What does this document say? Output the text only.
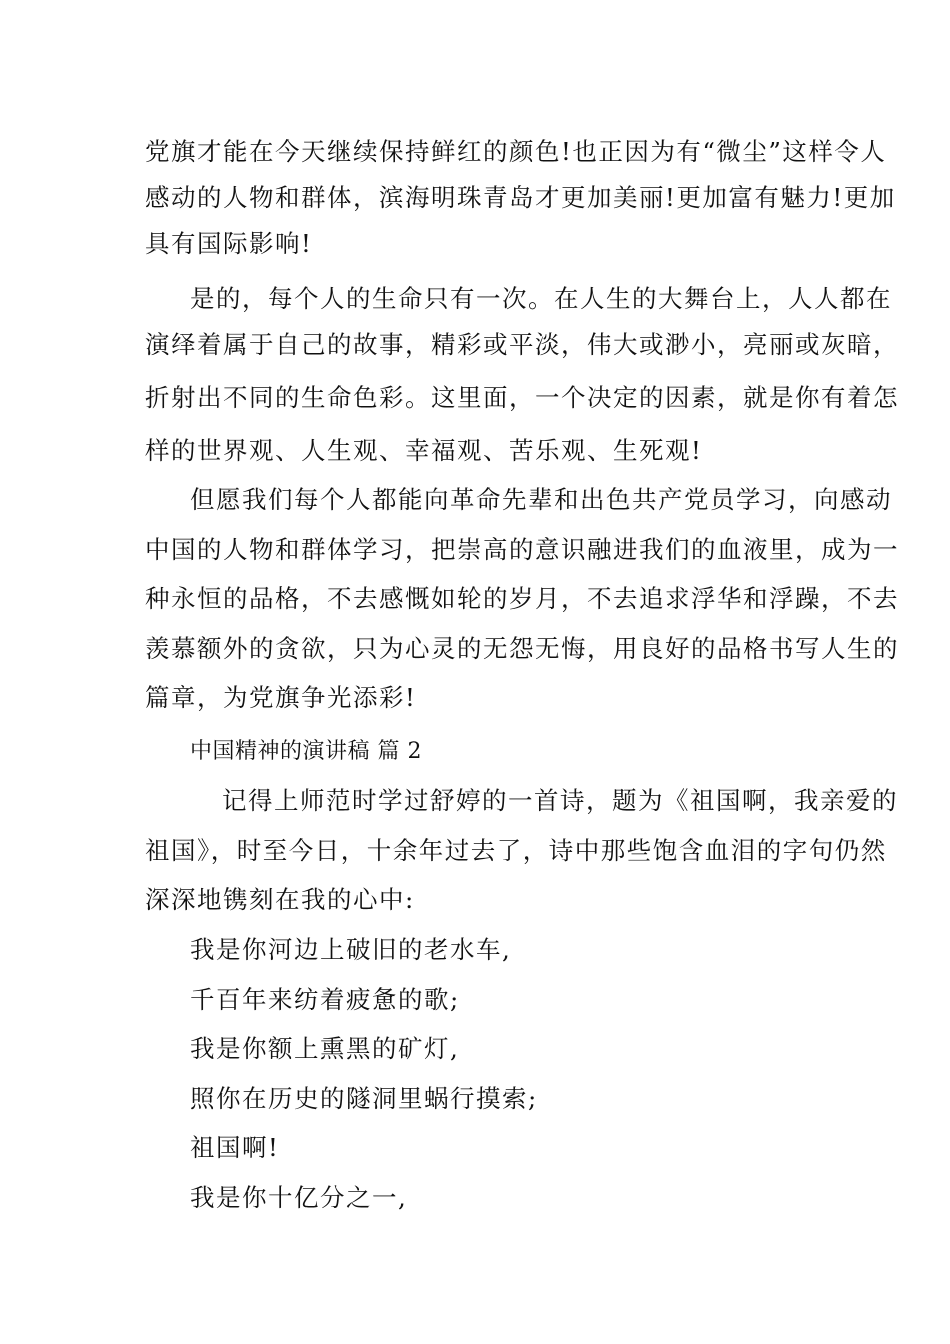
党旗才能在今天继续保持鲜红的颜色!也正因为有“微尘”这样令人
感动的人物和群体，滨海明珠青岛才更加美丽!更加富有魅力!更加
具有国际影响!
是的，每个人的生命只有一次。在人生的大舞台上，人人都在
演绎着属于自己的故事，精彩或平淡，伟大或渺小，亮丽或灰暗，
折射出不同的生命色彩。这里面，一个决定的因素，就是你有着怎
样的世界观、人生观、幸福观、苦乐观、生死观!
但愿我们每个人都能向革命先辈和出色共产党员学习，向感动
中国的人物和群体学习，把崇高的意识融进我们的血液里，成为一
种永恒的品格，不去感慨如轮的岁月，不去追求浮华和浮躁，不去
羡慕额外的贪欲，只为心灵的无怨无悔，用良好的品格书写人生的
篇章，为党旗争光添彩!
中国精神的演讲稿 篇 2
记得上师范时学过舒婷的一首诗，题为《祖国啊，我亲爱的
祖国》，时至今日，十余年过去了，诗中那些饱含血泪的字句仍然
深深地镌刻在我的心中:
我是你河边上破旧的老水车,
千百年来纺着疲惫的歌;
我是你额上熏黑的矿灯,
照你在历史的隧洞里蜗行摸索;
祖国啊!
我是你十亿分之一,
